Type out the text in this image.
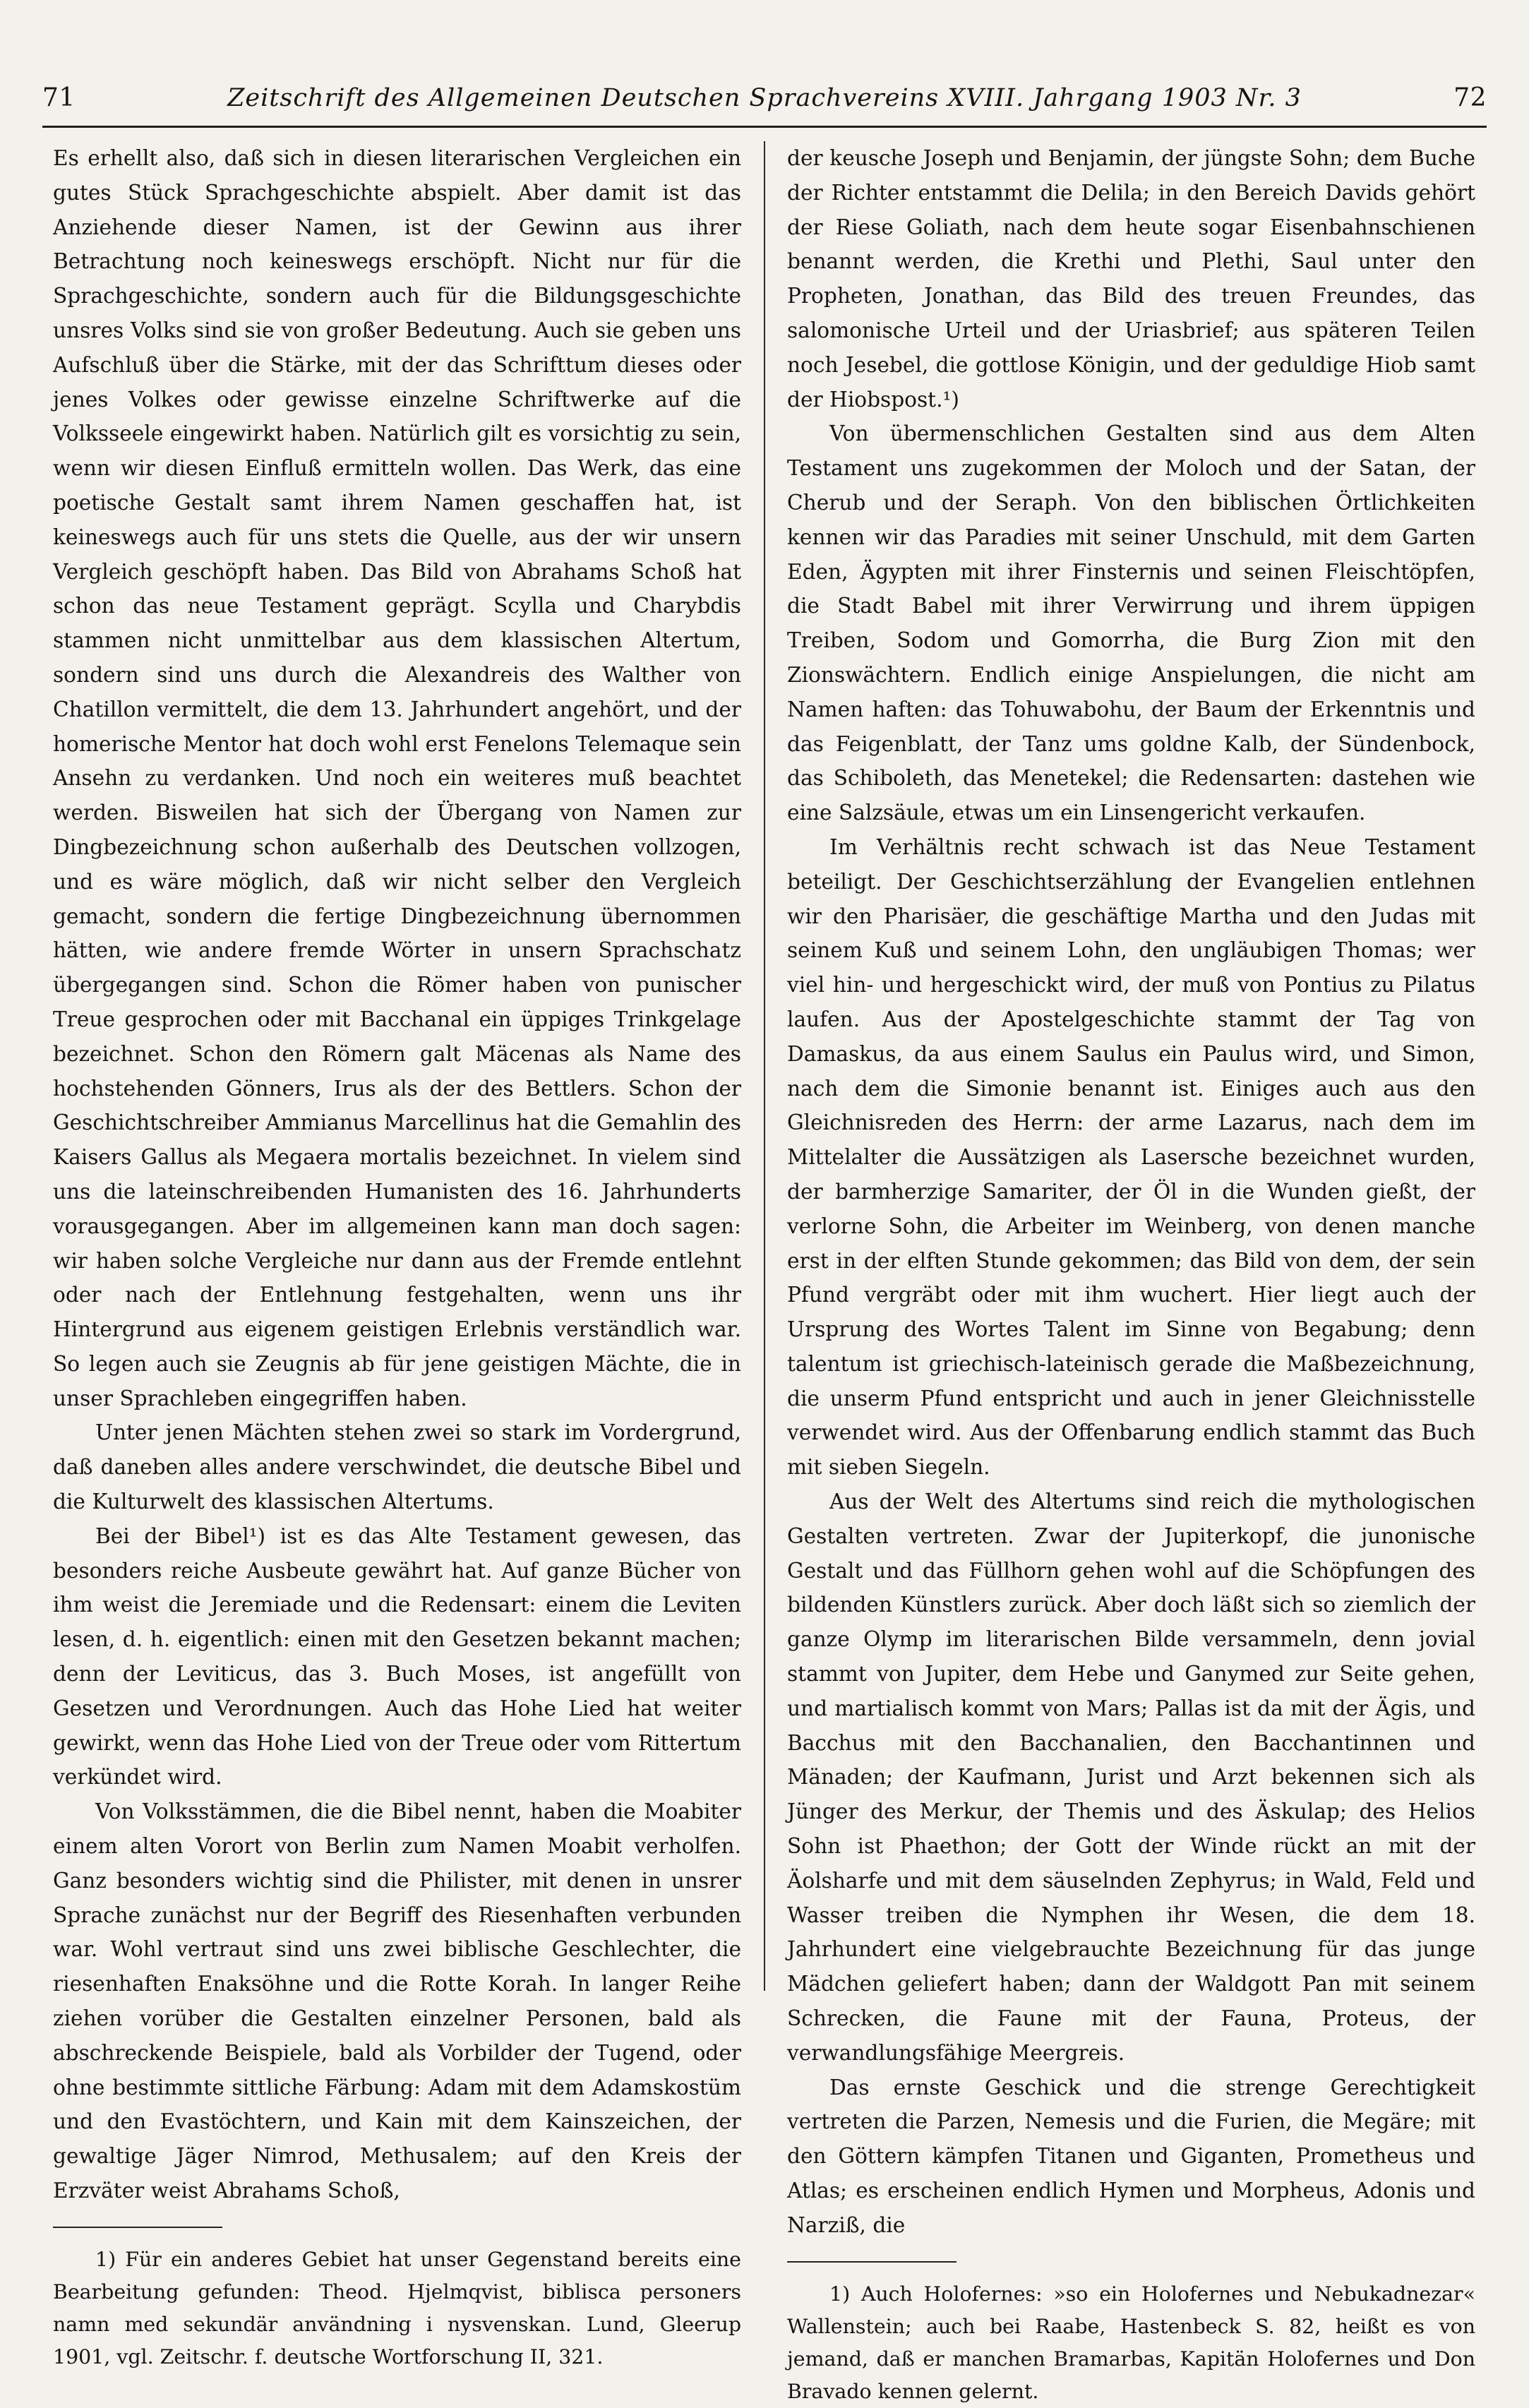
71	Zeitschrift des Allgemeinen Deutschen Sprachvereins XVIII. Jahrgang 1903 Nr. 3	72

Es erhellt also, daß sich in diesen literarischen Vergleichen ein gutes Stück Sprachgeschichte abspielt. Aber damit ist das Anziehende dieser Namen, ist der Gewinn aus ihrer Betrachtung noch keineswegs erschöpft. Nicht nur für die Sprachgeschichte, sondern auch für die Bildungsgeschichte unsres Volks sind sie von großer Bedeutung. Auch sie geben uns Aufschluß über die Stärke, mit der das Schrifttum dieses oder jenes Volkes oder gewisse einzelne Schriftwerke auf die Volksseele eingewirkt haben. Natürlich gilt es vorsichtig zu sein, wenn wir diesen Einfluß ermitteln wollen. Das Werk, das eine poetische Gestalt samt ihrem Namen geschaffen hat, ist keineswegs auch für uns stets die Quelle, aus der wir unsern Vergleich geschöpft haben. Das Bild von Abrahams Schoß hat schon das neue Testament geprägt. Scylla und Charybdis stammen nicht unmittelbar aus dem klassischen Altertum, sondern sind uns durch die Alexandreis des Walther von Chatillon vermittelt, die dem 13. Jahrhundert angehört, und der homerische Mentor hat doch wohl erst Fenelons Telemaque sein Ansehn zu verdanken. Und noch ein weiteres muß beachtet werden. Bisweilen hat sich der Übergang von Namen zur Dingbezeichnung schon außerhalb des Deutschen vollzogen, und es wäre möglich, daß wir nicht selber den Vergleich gemacht, sondern die fertige Dingbezeichnung übernommen hätten, wie andere fremde Wörter in unsern Sprachschatz übergegangen sind. Schon die Römer haben von punischer Treue gesprochen oder mit Bacchanal ein üppiges Trinkgelage bezeichnet. Schon den Römern galt Mäcenas als Name des hochstehenden Gönners, Irus als der des Bettlers. Schon der Geschichtschreiber Ammianus Marcellinus hat die Gemahlin des Kaisers Gallus als Megaera mortalis bezeichnet. In vielem sind uns die lateinschreibenden Humanisten des 16. Jahrhunderts vorausgegangen. Aber im allgemeinen kann man doch sagen: wir haben solche Vergleiche nur dann aus der Fremde entlehnt oder nach der Entlehnung festgehalten, wenn uns ihr Hintergrund aus eigenem geistigen Erlebnis verständlich war. So legen auch sie Zeugnis ab für jene geistigen Mächte, die in unser Sprachleben eingegriffen haben.

Unter jenen Mächten stehen zwei so stark im Vordergrund, daß daneben alles andere verschwindet, die deutsche Bibel und die Kulturwelt des klassischen Altertums.

Bei der Bibel¹) ist es das Alte Testament gewesen, das besonders reiche Ausbeute gewährt hat. Auf ganze Bücher von ihm weist die Jeremiade und die Redensart: einem die Leviten lesen, d. h. eigentlich: einen mit den Gesetzen bekannt machen; denn der Leviticus, das 3. Buch Moses, ist angefüllt von Gesetzen und Verordnungen. Auch das Hohe Lied hat weiter gewirkt, wenn das Hohe Lied von der Treue oder vom Rittertum verkündet wird.

Von Volksstämmen, die die Bibel nennt, haben die Moabiter einem alten Vorort von Berlin zum Namen Moabit verholfen. Ganz besonders wichtig sind die Philister, mit denen in unsrer Sprache zunächst nur der Begriff des Riesenhaften verbunden war. Wohl vertraut sind uns zwei biblische Geschlechter, die riesenhaften Enaksöhne und die Rotte Korah. In langer Reihe ziehen vorüber die Gestalten einzelner Personen, bald als abschreckende Beispiele, bald als Vorbilder der Tugend, oder ohne bestimmte sittliche Färbung: Adam mit dem Adamskostüm und den Evastöchtern, und Kain mit dem Kainszeichen, der gewaltige Jäger Nimrod, Methusalem; auf den Kreis der Erzväter weist Abrahams Schoß,

1) Für ein anderes Gebiet hat unser Gegenstand bereits eine Bearbeitung gefunden: Theod. Hjelmqvist, biblisca personers namn med sekundär användning i nysvenskan. Lund, Gleerup 1901, vgl. Zeitschr. f. deutsche Wortforschung II, 321.

der keusche Joseph und Benjamin, der jüngste Sohn; dem Buche der Richter entstammt die Delila; in den Bereich Davids gehört der Riese Goliath, nach dem heute sogar Eisenbahnschienen benannt werden, die Krethi und Plethi, Saul unter den Propheten, Jonathan, das Bild des treuen Freundes, das salomonische Urteil und der Uriasbrief; aus späteren Teilen noch Jesebel, die gottlose Königin, und der geduldige Hiob samt der Hiobspost.¹)

Von übermenschlichen Gestalten sind aus dem Alten Testament uns zugekommen der Moloch und der Satan, der Cherub und der Seraph. Von den biblischen Örtlichkeiten kennen wir das Paradies mit seiner Unschuld, mit dem Garten Eden, Ägypten mit ihrer Finsternis und seinen Fleischtöpfen, die Stadt Babel mit ihrer Verwirrung und ihrem üppigen Treiben, Sodom und Gomorrha, die Burg Zion mit den Zionswächtern. Endlich einige Anspielungen, die nicht am Namen haften: das Tohuwabohu, der Baum der Erkenntnis und das Feigenblatt, der Tanz ums goldne Kalb, der Sündenbock, das Schiboleth, das Menetekel; die Redensarten: dastehen wie eine Salzsäule, etwas um ein Linsengericht verkaufen.

Im Verhältnis recht schwach ist das Neue Testament beteiligt. Der Geschichtserzählung der Evangelien entlehnen wir den Pharisäer, die geschäftige Martha und den Judas mit seinem Kuß und seinem Lohn, den ungläubigen Thomas; wer viel hin- und hergeschickt wird, der muß von Pontius zu Pilatus laufen. Aus der Apostelgeschichte stammt der Tag von Damaskus, da aus einem Saulus ein Paulus wird, und Simon, nach dem die Simonie benannt ist. Einiges auch aus den Gleichnisreden des Herrn: der arme Lazarus, nach dem im Mittelalter die Aussätzigen als Lasersche bezeichnet wurden, der barmherzige Samariter, der Öl in die Wunden gießt, der verlorne Sohn, die Arbeiter im Weinberg, von denen manche erst in der elften Stunde gekommen; das Bild von dem, der sein Pfund vergräbt oder mit ihm wuchert. Hier liegt auch der Ursprung des Wortes Talent im Sinne von Begabung; denn talentum ist griechisch-lateinisch gerade die Maßbezeichnung, die unserm Pfund entspricht und auch in jener Gleichnisstelle verwendet wird. Aus der Offenbarung endlich stammt das Buch mit sieben Siegeln.

Aus der Welt des Altertums sind reich die mythologischen Gestalten vertreten. Zwar der Jupiterkopf, die junonische Gestalt und das Füllhorn gehen wohl auf die Schöpfungen des bildenden Künstlers zurück. Aber doch läßt sich so ziemlich der ganze Olymp im literarischen Bilde versammeln, denn jovial stammt von Jupiter, dem Hebe und Ganymed zur Seite gehen, und martialisch kommt von Mars; Pallas ist da mit der Ägis, und Bacchus mit den Bacchanalien, den Bacchantinnen und Mänaden; der Kaufmann, Jurist und Arzt bekennen sich als Jünger des Merkur, der Themis und des Äskulap; des Helios Sohn ist Phaethon; der Gott der Winde rückt an mit der Äolsharfe und mit dem säuselnden Zephyrus; in Wald, Feld und Wasser treiben die Nymphen ihr Wesen, die dem 18. Jahrhundert eine vielgebrauchte Bezeichnung für das junge Mädchen geliefert haben; dann der Waldgott Pan mit seinem Schrecken, die Faune mit der Fauna, Proteus, der verwandlungsfähige Meergreis.

Das ernste Geschick und die strenge Gerechtigkeit vertreten die Parzen, Nemesis und die Furien, die Megäre; mit den Göttern kämpfen Titanen und Giganten, Prometheus und Atlas; es erscheinen endlich Hymen und Morpheus, Adonis und Narziß, die

1) Auch Holofernes: »so ein Holofernes und Nebukadnezar« Wallenstein; auch bei Raabe, Hastenbeck S. 82, heißt es von jemand, daß er manchen Bramarbas, Kapitän Holofernes und Don Bravado kennen gelernt.
